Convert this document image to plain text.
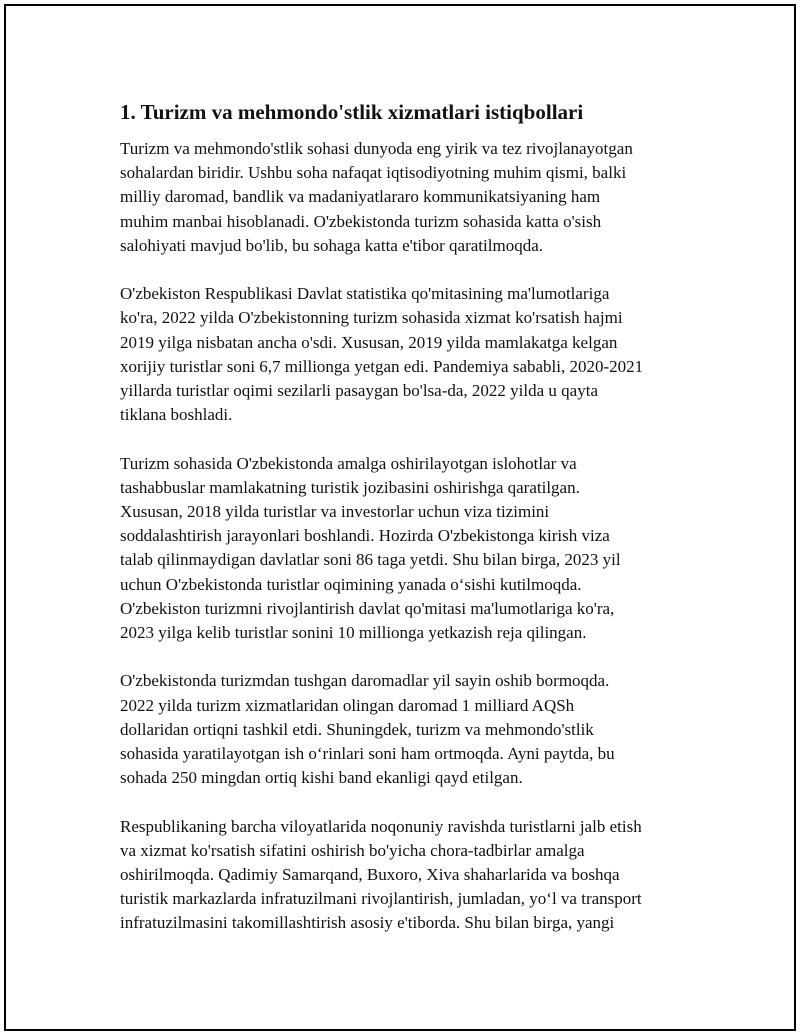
1. Turizm va mehmondo'stlik xizmatlari istiqbollari

Turizm va mehmondo'stlik sohasi dunyoda eng yirik va tez rivojlanayotgan
sohalardan biridir. Ushbu soha nafaqat iqtisodiyotning muhim qismi, balki
milliy daromad, bandlik va madaniyatlararo kommunikatsiyaning ham
muhim manbai hisoblanadi. O'zbekistonda turizm sohasida katta o'sish
salohiyati mavjud bo'lib, bu sohaga katta e'tibor qaratilmoqda.

O'zbekiston Respublikasi Davlat statistika qo'mitasining ma'lumotlariga
ko'ra, 2022 yilda O'zbekistonning turizm sohasida xizmat ko'rsatish hajmi
2019 yilga nisbatan ancha o'sdi. Xususan, 2019 yilda mamlakatga kelgan
xorijiy turistlar soni 6,7 millionga yetgan edi. Pandemiya sababli, 2020-2021
yillarda turistlar oqimi sezilarli pasaygan bo'lsa-da, 2022 yilda u qayta
tiklana boshladi.

Turizm sohasida O'zbekistonda amalga oshirilayotgan islohotlar va
tashabbuslar mamlakatning turistik jozibasini oshirishga qaratilgan.
Xususan, 2018 yilda turistlar va investorlar uchun viza tizimini
soddalashtirish jarayonlari boshlandi. Hozirda O'zbekistonga kirish viza
talab qilinmaydigan davlatlar soni 86 taga yetdi. Shu bilan birga, 2023 yil
uchun O'zbekistonda turistlar oqimining yanada o‘sishi kutilmoqda.
O'zbekiston turizmni rivojlantirish davlat qo'mitasi ma'lumotlariga ko'ra,
2023 yilga kelib turistlar sonini 10 millionga yetkazish reja qilingan.

O'zbekistonda turizmdan tushgan daromadlar yil sayin oshib bormoqda.
2022 yilda turizm xizmatlaridan olingan daromad 1 milliard AQSh
dollaridan ortiqni tashkil etdi. Shuningdek, turizm va mehmondo'stlik
sohasida yaratilayotgan ish o‘rinlari soni ham ortmoqda. Ayni paytda, bu
sohada 250 mingdan ortiq kishi band ekanligi qayd etilgan.

Respublikaning barcha viloyatlarida noqonuniy ravishda turistlarni jalb etish
va xizmat ko'rsatish sifatini oshirish bo'yicha chora-tadbirlar amalga
oshirilmoqda. Qadimiy Samarqand, Buxoro, Xiva shaharlarida va boshqa
turistik markazlarda infratuzilmani rivojlantirish, jumladan, yo‘l va transport
infratuzilmasini takomillashtirish asosiy e'tiborda. Shu bilan birga, yangi
